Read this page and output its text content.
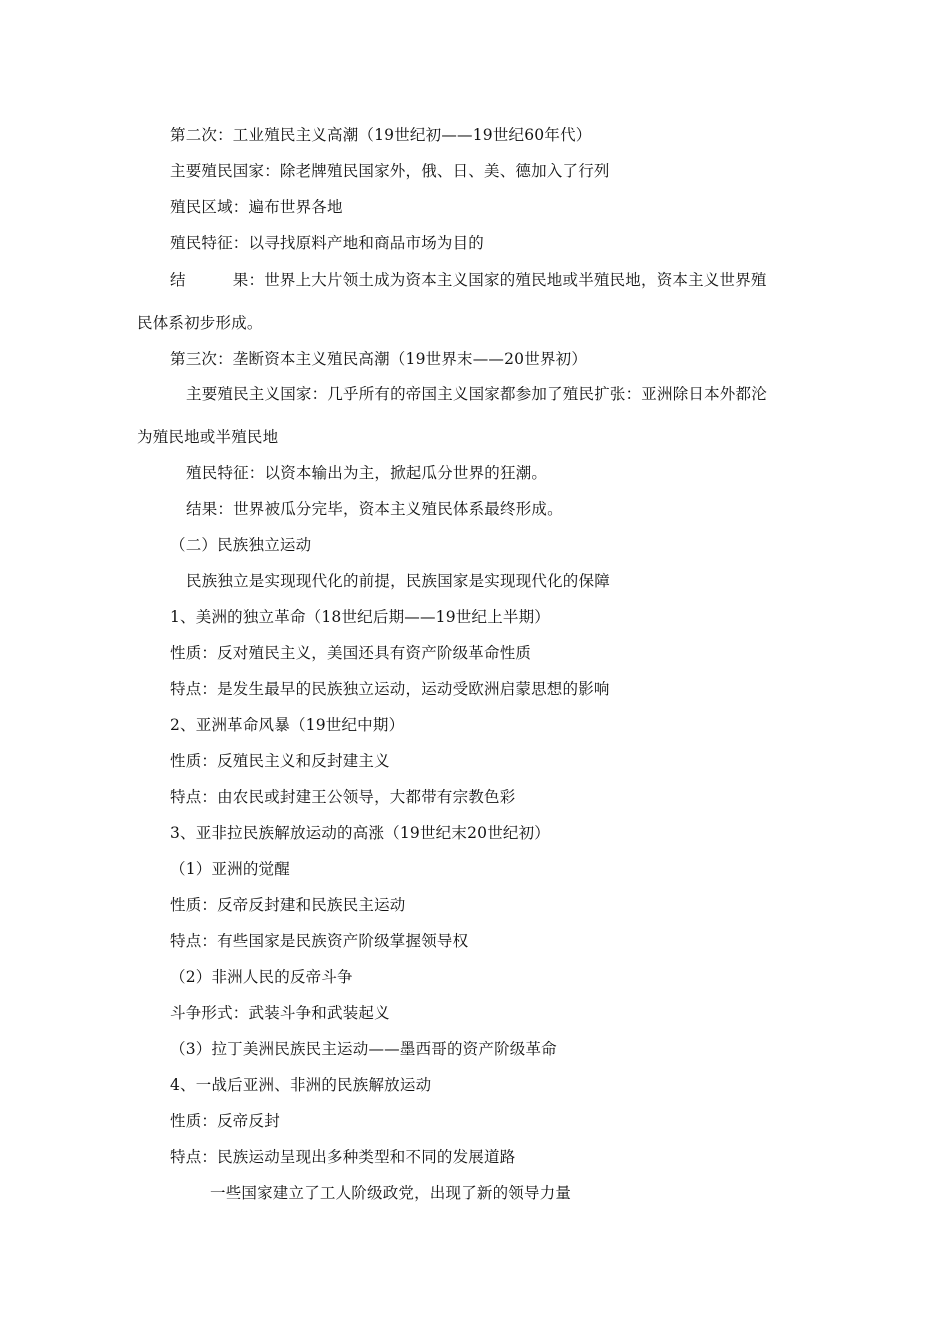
第二次：工业殖民主义高潮（19世纪初——19世纪60年代）
主要殖民国家：除老牌殖民国家外，俄、日、美、德加入了行列
殖民区域：遍布世界各地
殖民特征：以寻找原料产地和商品市场为目的
结　　　果：世界上大片领土成为资本主义国家的殖民地或半殖民地，资本主义世界殖
民体系初步形成。
第三次：垄断资本主义殖民高潮（19世界末——20世界初）
主要殖民主义国家：几乎所有的帝国主义国家都参加了殖民扩张：亚洲除日本外都沦
为殖民地或半殖民地
殖民特征：以资本输出为主，掀起瓜分世界的狂潮。
结果：世界被瓜分完毕，资本主义殖民体系最终形成。
（二）民族独立运动
民族独立是实现现代化的前提，民族国家是实现现代化的保障
1、美洲的独立革命（18世纪后期——19世纪上半期）
性质：反对殖民主义，美国还具有资产阶级革命性质
特点：是发生最早的民族独立运动，运动受欧洲启蒙思想的影响
2、亚洲革命风暴（19世纪中期）
性质：反殖民主义和反封建主义
特点：由农民或封建王公领导，大都带有宗教色彩
3、亚非拉民族解放运动的高涨（19世纪末20世纪初）
（1）亚洲的觉醒
性质：反帝反封建和民族民主运动
特点：有些国家是民族资产阶级掌握领导权
（2）非洲人民的反帝斗争
斗争形式：武装斗争和武装起义
（3）拉丁美洲民族民主运动——墨西哥的资产阶级革命
4、一战后亚洲、非洲的民族解放运动
性质：反帝反封
特点：民族运动呈现出多种类型和不同的发展道路
一些国家建立了工人阶级政党，出现了新的领导力量
